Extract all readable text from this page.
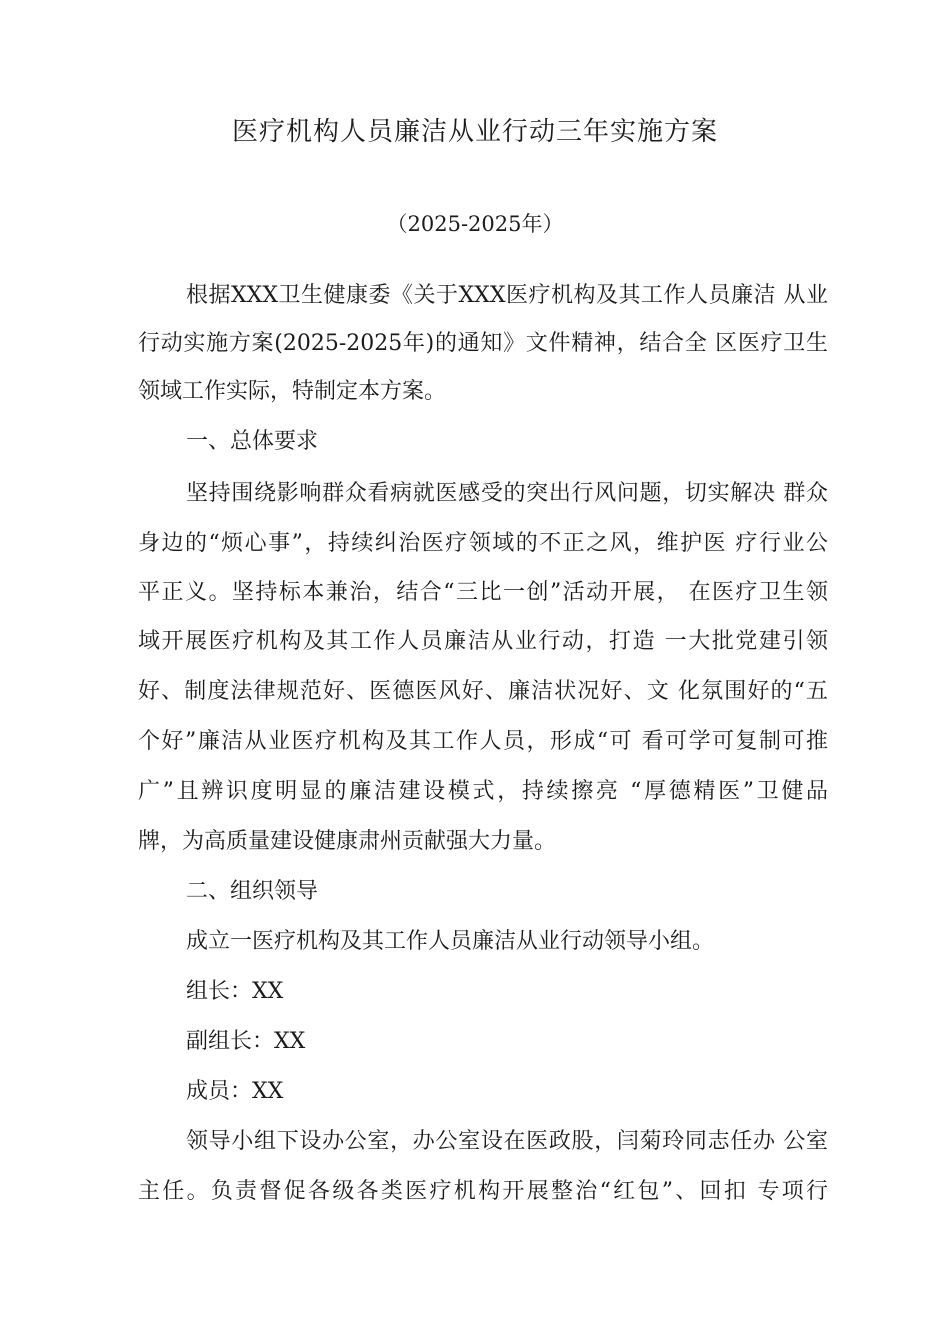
医疗机构人员廉洁从业行动三年实施方案
（2025-2025年）
根据XXX卫生健康委《关于XXX医疗机构及其工作人员廉洁 从业
行动实施方案(2025-2025年)的通知》文件精神，结合全 区医疗卫生
领域工作实际，特制定本方案。
一、总体要求
坚持围绕影响群众看病就医感受的突出行风问题，切实解决 群众
身边的“烦心事”，持续纠治医疗领域的不正之风，维护医 疗行业公
平正义。坚持标本兼治，结合“三比一创”活动开展， 在医疗卫生领
域开展医疗机构及其工作人员廉洁从业行动，打造 一大批党建引领
好、制度法律规范好、医德医风好、廉洁状况好、文 化氛围好的“五
个好”廉洁从业医疗机构及其工作人员，形成“可 看可学可复制可推
广”且辨识度明显的廉洁建设模式，持续擦亮 “厚德精医”卫健品
牌，为高质量建设健康肃州贡献强大力量。
二、组织领导
成立一医疗机构及其工作人员廉洁从业行动领导小组。
组长：XX
副组长：XX
成员：XX
领导小组下设办公室，办公室设在医政股，闫菊玲同志任办 公室
主任。负责督促各级各类医疗机构开展整治“红包”、回扣 专项行
